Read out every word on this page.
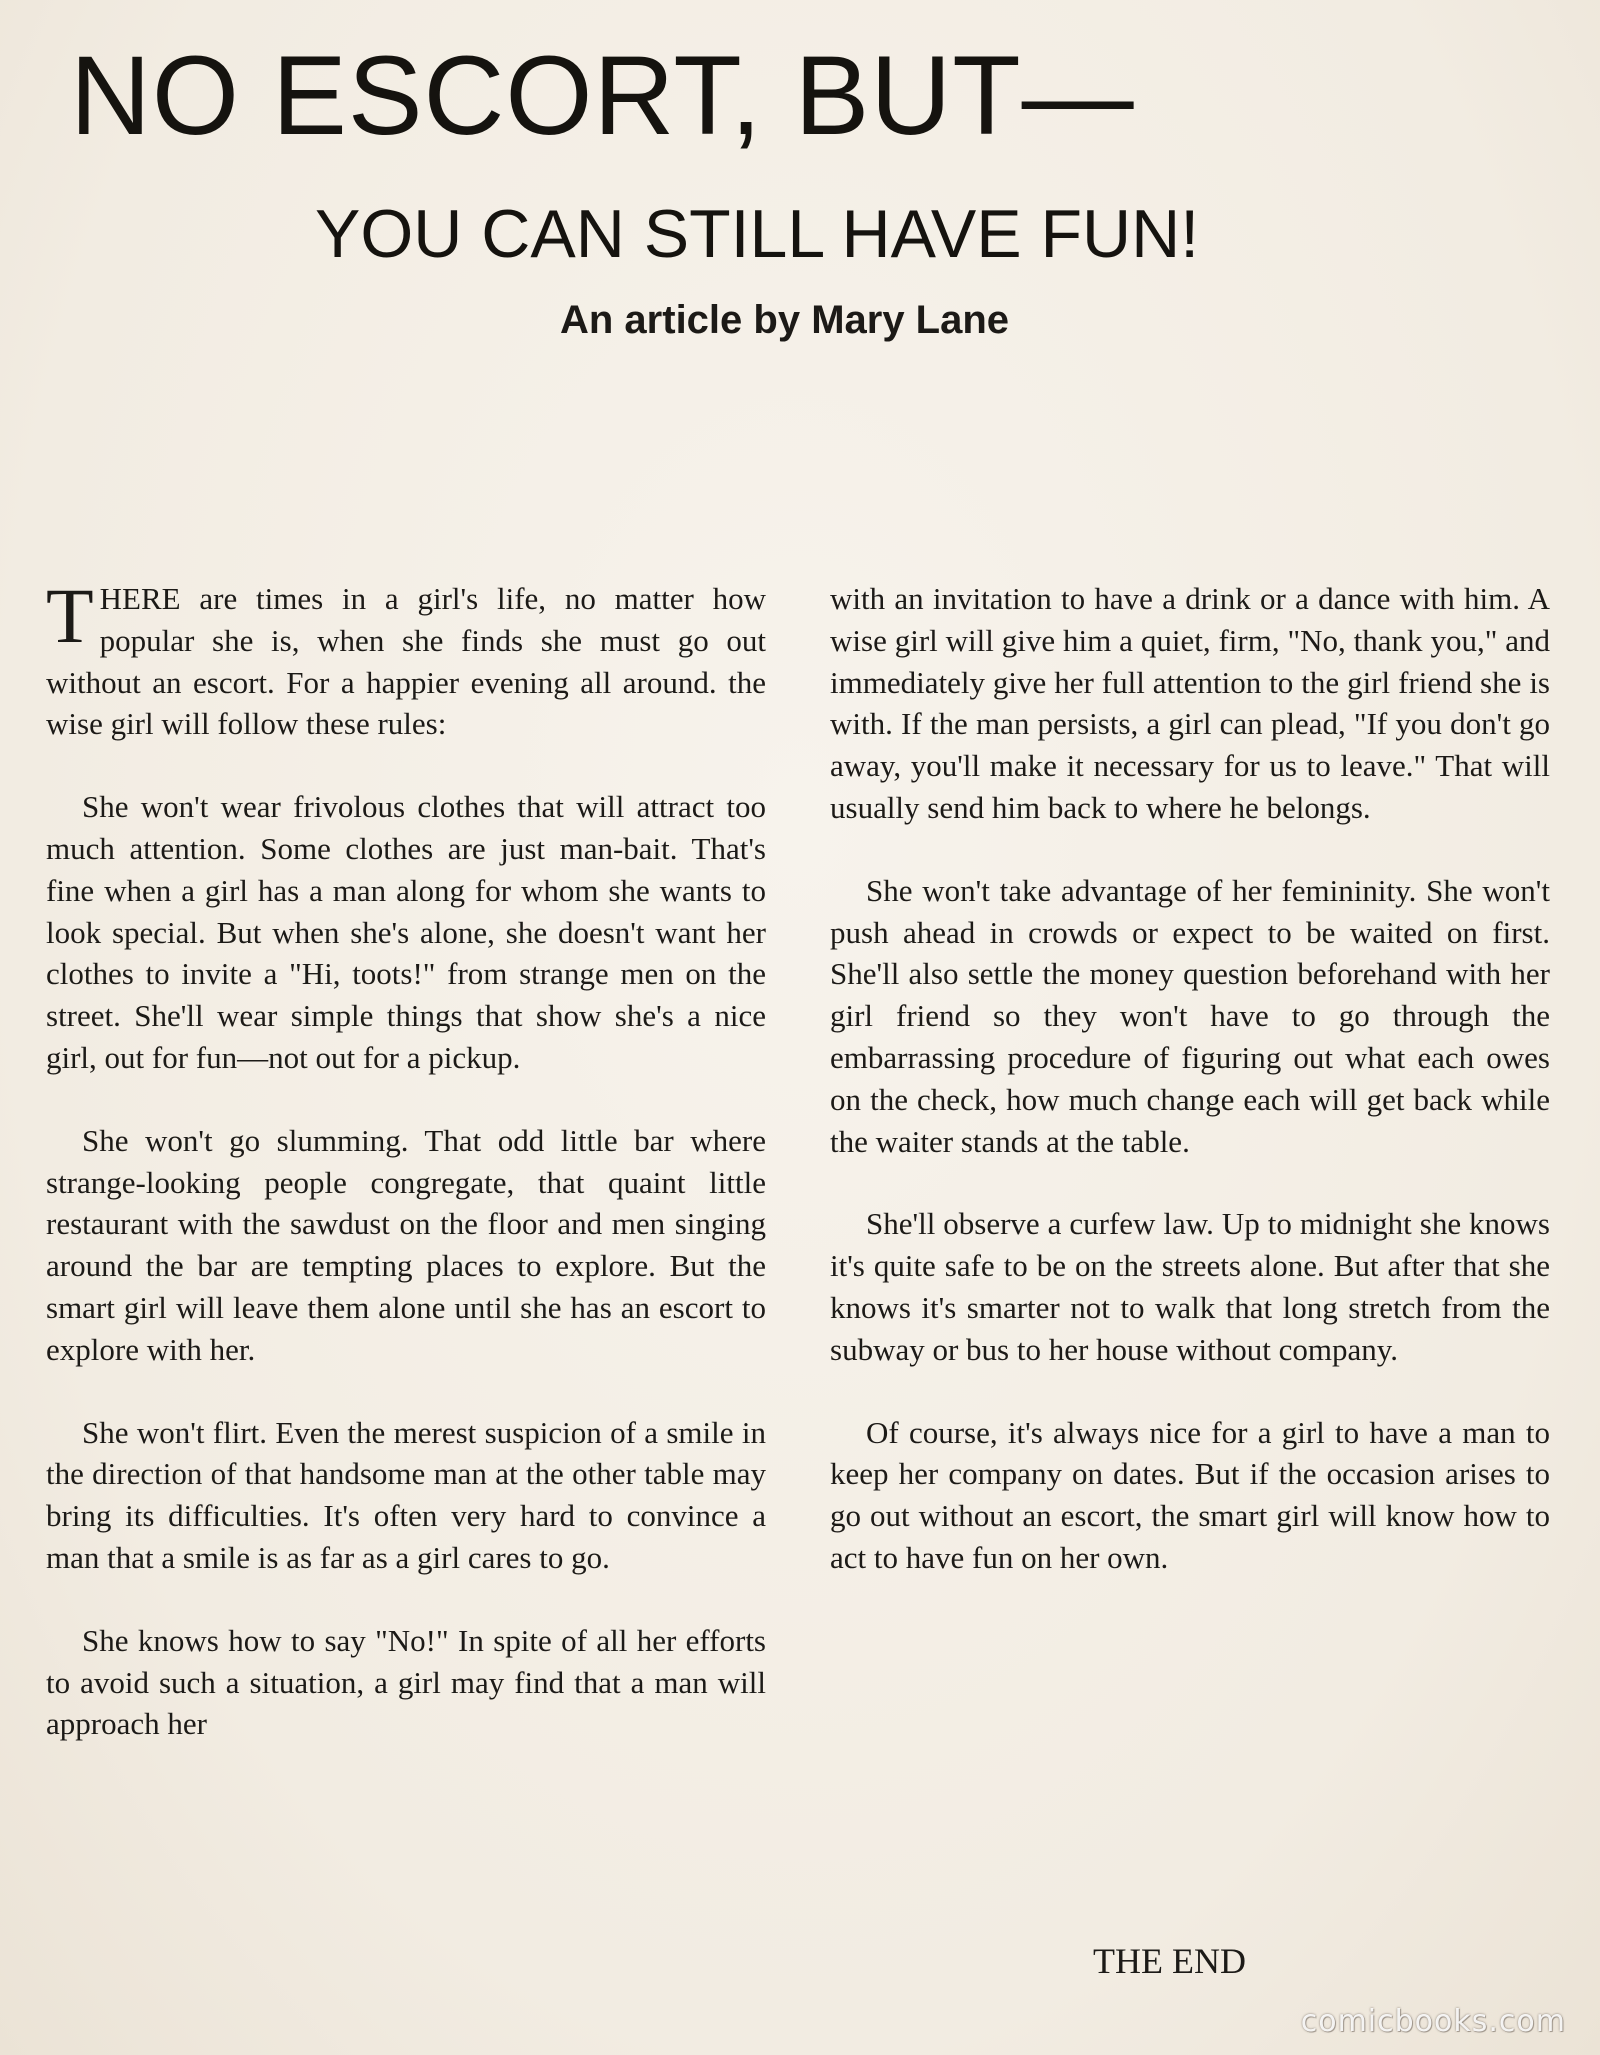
NO ESCORT, BUT—
YOU CAN STILL HAVE FUN!
An article by Mary Lane

THERE are times in a girl's life, no matter how popular she is, when she finds she must go out without an escort. For a happier evening all around. the wise girl will follow these rules:

She won't wear frivolous clothes that will attract too much attention. Some clothes are just man-bait. That's fine when a girl has a man along for whom she wants to look special. But when she's alone, she doesn't want her clothes to invite a "Hi, toots!" from strange men on the street. She'll wear simple things that show she's a nice girl, out for fun—not out for a pickup.

She won't go slumming. That odd little bar where strange-looking people congregate, that quaint little restaurant with the sawdust on the floor and men singing around the bar are tempting places to explore. But the smart girl will leave them alone until she has an escort to explore with her.

She won't flirt. Even the merest suspicion of a smile in the direction of that handsome man at the other table may bring its difficulties. It's often very hard to convince a man that a smile is as far as a girl cares to go.

She knows how to say "No!" In spite of all her efforts to avoid such a situation, a girl may find that a man will approach her

with an invitation to have a drink or a dance with him. A wise girl will give him a quiet, firm, "No, thank you," and immediately give her full attention to the girl friend she is with. If the man persists, a girl can plead, "If you don't go away, you'll make it necessary for us to leave." That will usually send him back to where he belongs.

She won't take advantage of her femininity. She won't push ahead in crowds or expect to be waited on first. She'll also settle the money question beforehand with her girl friend so they won't have to go through the embarrassing procedure of figuring out what each owes on the check, how much change each will get back while the waiter stands at the table.

She'll observe a curfew law. Up to midnight she knows it's quite safe to be on the streets alone. But after that she knows it's smarter not to walk that long stretch from the subway or bus to her house without company.

Of course, it's always nice for a girl to have a man to keep her company on dates. But if the occasion arises to go out without an escort, the smart girl will know how to act to have fun on her own.

THE END
comicbooks.com
